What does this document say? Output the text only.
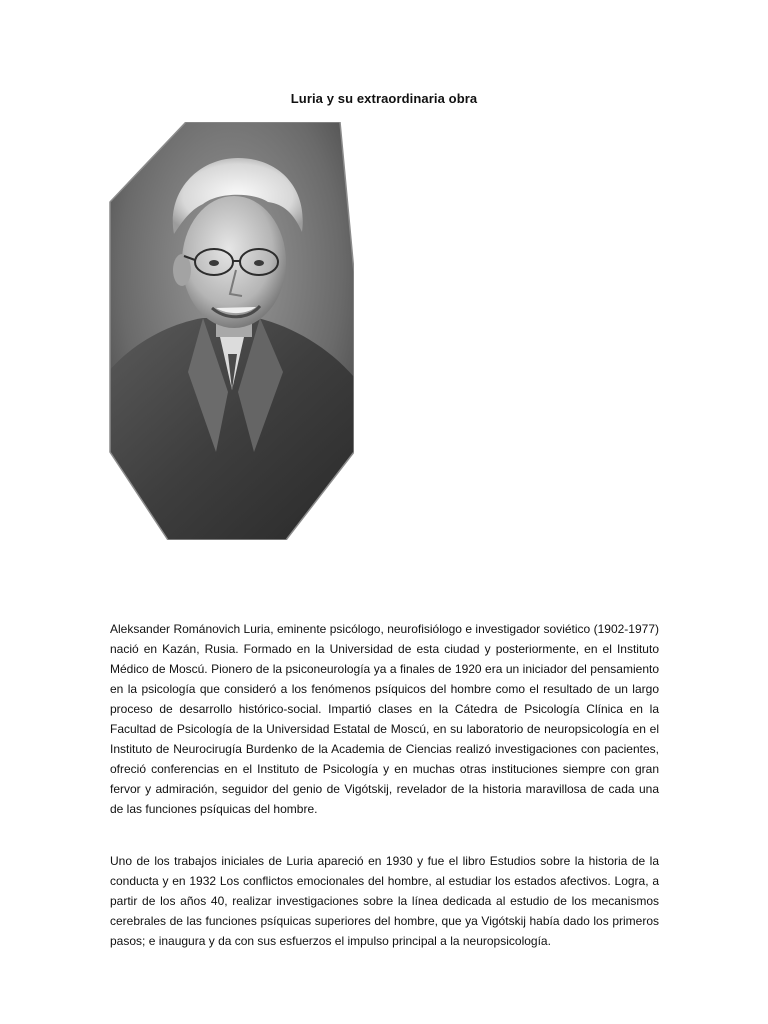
Luria y su extraordinaria obra

Aleksander Románovich Luria, eminente psicólogo, neurofisiólogo e investigador soviético (1902-1977) nació en Kazán, Rusia. Formado en la Universidad de esta ciudad y posteriormente, en el Instituto Médico de Moscú. Pionero de la psiconeurología ya a finales de 1920 era un iniciador del pensamiento en la psicología que consideró a los fenómenos psíquicos del hombre como el resultado de un largo proceso de desarrollo histórico-social. Impartió clases en la Cátedra de Psicología Clínica en la Facultad de Psicología de la Universidad Estatal de Moscú, en su laboratorio de neuropsicología en el Instituto de Neurocirugía Burdenko de la Academia de Ciencias realizó investigaciones con pacientes, ofreció conferencias en el Instituto de Psicología y en muchas otras instituciones siempre con gran fervor y admiración, seguidor del genio de Vigótskij, revelador de la historia maravillosa de cada una de las funciones psíquicas del hombre.

Uno de los trabajos iniciales de Luria apareció en 1930 y fue el libro Estudios sobre la historia de la conducta y en 1932 Los conflictos emocionales del hombre, al estudiar los estados afectivos. Logra, a partir de los años 40, realizar investigaciones sobre la línea dedicada al estudio de los mecanismos cerebrales de las funciones psíquicas superiores del hombre, que ya Vigótskij había dado los primeros pasos; e inaugura y da con sus esfuerzos el impulso principal a la neuropsicología.
